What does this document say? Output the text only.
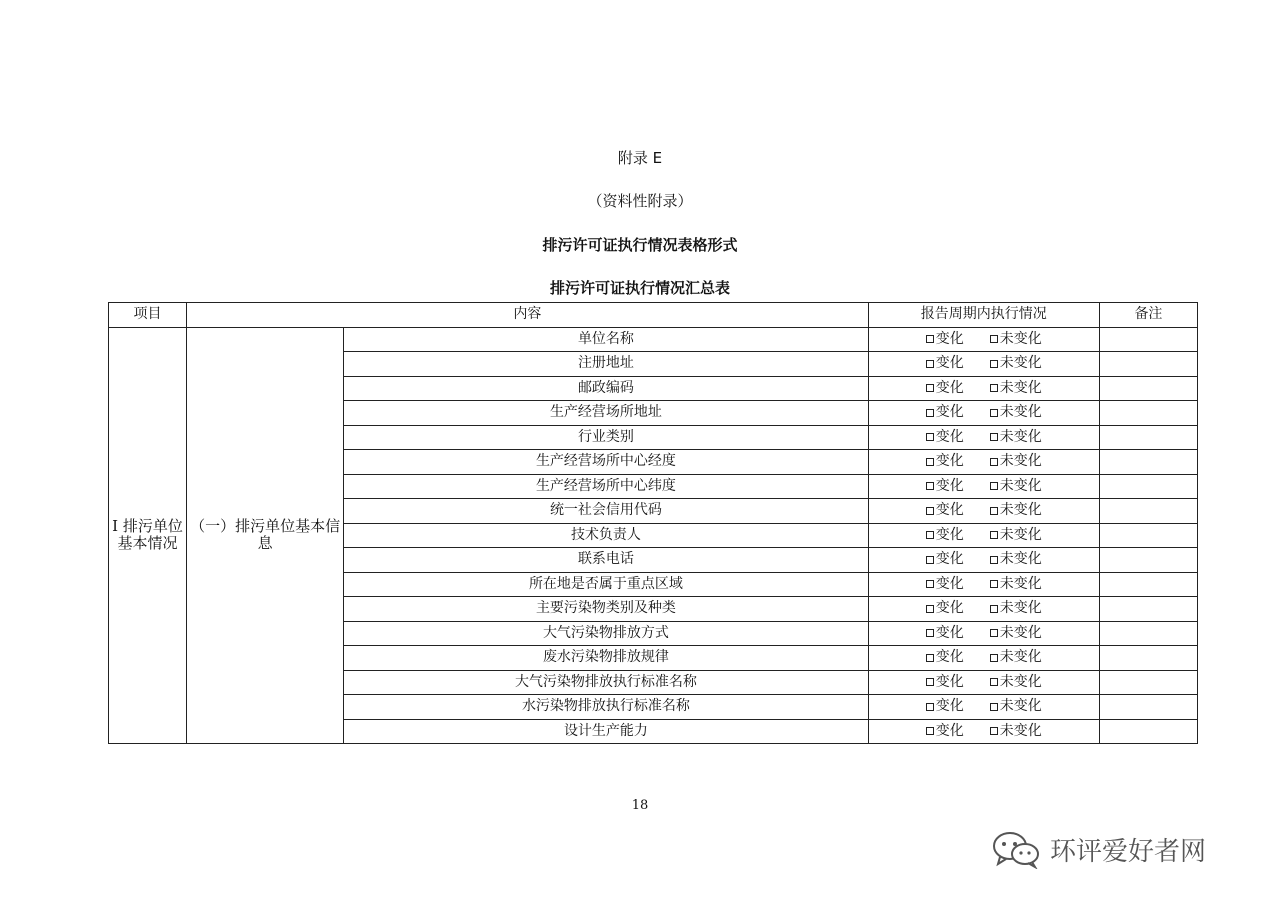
附录 E
（资料性附录）
排污许可证执行情况表格形式
排污许可证执行情况汇总表
项目	内容		报告周期内执行情况	备注
I 排污单位基本情况	（一）排污单位基本信息	单位名称	变化 未变化	

		注册地址	变化 未变化	

		邮政编码	变化 未变化	

		生产经营场所地址	变化 未变化	

		行业类别	变化 未变化	

		生产经营场所中心经度	变化 未变化	

		生产经营场所中心纬度	变化 未变化	

		统一社会信用代码	变化 未变化	

		技术负责人	变化 未变化	

		联系电话	变化 未变化	

		所在地是否属于重点区域	变化 未变化	

		主要污染物类别及种类	变化 未变化	

		大气污染物排放方式	变化 未变化	

		废水污染物排放规律	变化 未变化	

		大气污染物排放执行标准名称	变化 未变化	

		水污染物排放执行标准名称	变化 未变化	

		设计生产能力	变化 未变化	

18
环评爱好者网
